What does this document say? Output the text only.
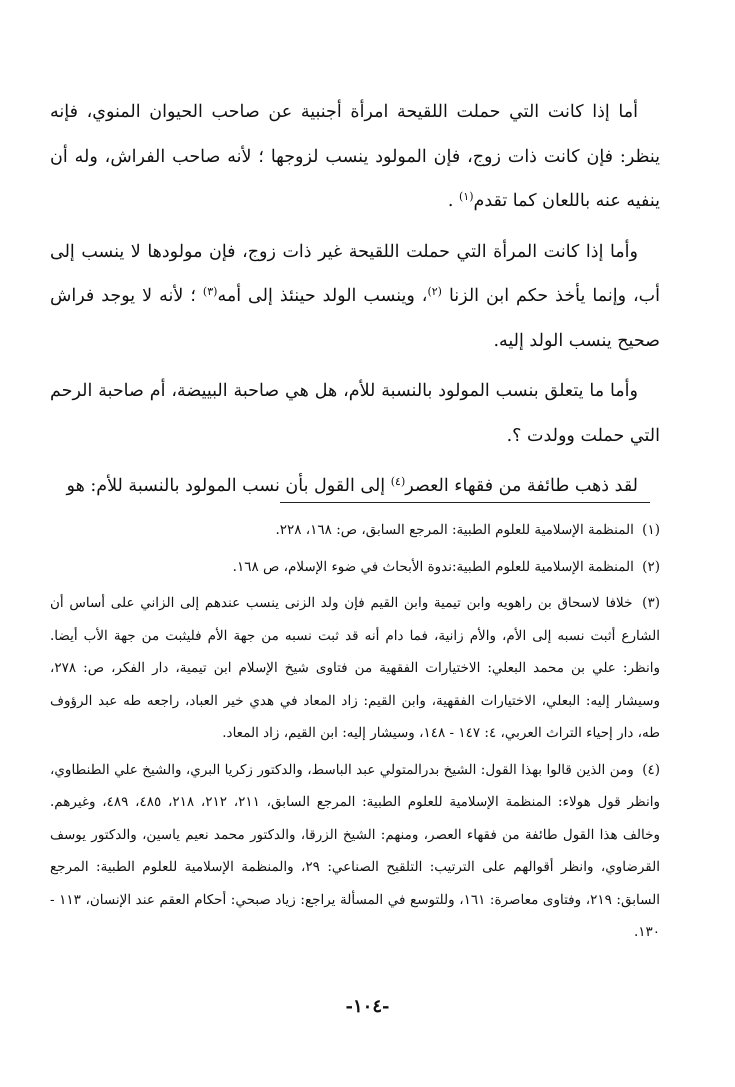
أما إذا كانت التي حملت اللقيحة امرأة أجنبية عن صاحب الحيوان المنوي، فإنه ينظر: فإن كانت ذات زوج، فإن المولود ينسب لزوجها ؛ لأنه صاحب الفراش، وله أن ينفيه عنه باللعان كما تقدم$^{(١)}$ .

وأما إذا كانت المرأة التي حملت اللقيحة غير ذات زوج، فإن مولودها لا ينسب إلى أب، وإنما يأخذ حكم ابن الزنا $^{(٢)}$، وينسب الولد حينئذ إلى أمه$^{(٣)}$ ؛ لأنه لا يوجد فراش صحيح ينسب الولد إليه.

وأما ما يتعلق بنسب المولود بالنسبة للأم، هل هي صاحبة البييضة، أم صاحبة الرحم التي حملت وولدت ؟.

لقد ذهب طائفة من فقهاء العصر$^{(٤)}$ إلى القول بأن نسب المولود بالنسبة للأم: هو

(١) المنظمة الإسلامية للعلوم الطبية: المرجع السابق، ص: ١٦٨، ٢٢٨.

(٢) المنظمة الإسلامية للعلوم الطبية:ندوة الأبحاث في ضوء الإسلام، ص ١٦٨.

(٣) خلافا لاسحاق بن راهويه وابن تيمية وابن القيم فإن ولد الزنى ينسب عندهم إلى الزاني على أساس أن الشارع أثبت نسبه إلى الأم، والأم زانية، فما دام أنه قد ثبت نسبه من جهة الأم فليثبت من جهة الأب أيضا. وانظر: علي بن محمد البعلي: الاختيارات الفقهية من فتاوى شيخ الإسلام ابن تيمية، دار الفكر، ص: ٢٧٨، وسيشار إليه: البعلي، الاختيارات الفقهية، وابن القيم: زاد المعاد في هدي خير العباد، راجعه طه عبد الرؤوف طه، دار إحياء التراث العربي، ٤: ١٤٧ - ١٤٨، وسيشار إليه: ابن القيم، زاد المعاد.

(٤) ومن الذين قالوا بهذا القول: الشيخ بدرالمتولي عبد الباسط، والدكتور زكريا البري، والشيخ علي الطنطاوي، وانظر قول هولاء: المنظمة الإسلامية للعلوم الطبية: المرجع السابق، ٢١١، ٢١٢، ٢١٨، ٤٨٥، ٤٨٩، وغيرهم. وخالف هذا القول طائفة من فقهاء العصر، ومنهم: الشيخ الزرقا، والدكتور محمد نعيم ياسين، والدكتور يوسف القرضاوي، وانظر أقوالهم على الترتيب: التلقيح الصناعي: ٢٩، والمنظمة الإسلامية للعلوم الطبية: المرجع السابق: ٢١٩، وفتاوى معاصرة: ١٦١، وللتوسع في المسألة يراجع: زياد صبحي: أحكام العقم عند الإنسان، ١١٣ - ١٣٠.

-١٠٤-
